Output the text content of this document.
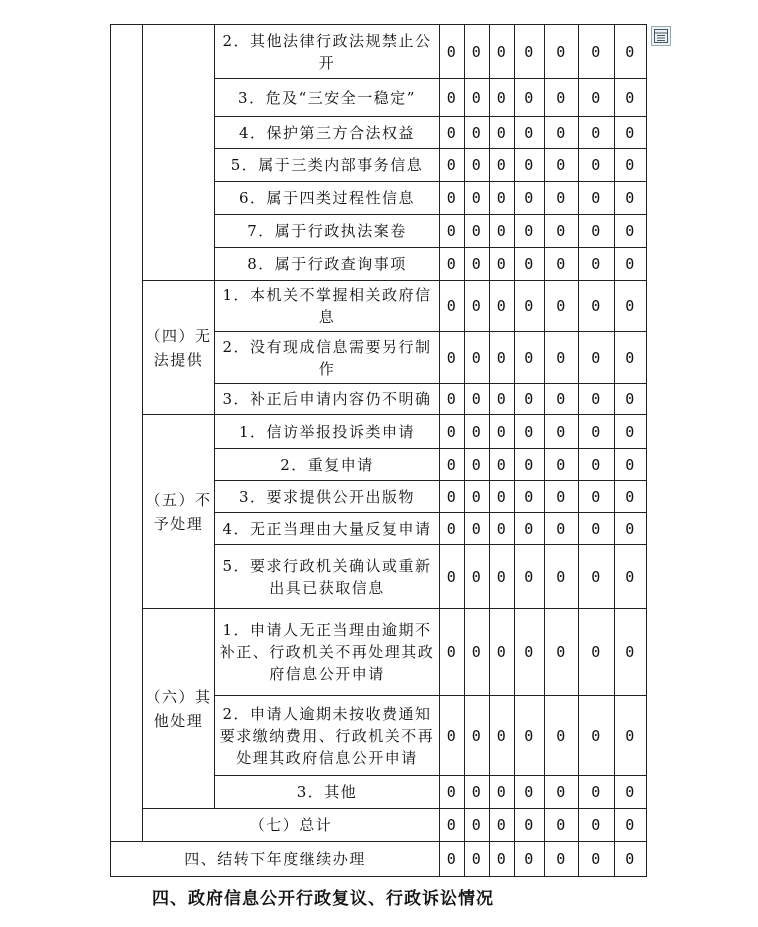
		2．其他法律行政法规禁止公开	0	0	0	0	0	0	0

		3．危及“三安全一稳定”	0	0	0	0	0	0	0

		4．保护第三方合法权益	0	0	0	0	0	0	0

		5．属于三类内部事务信息	0	0	0	0	0	0	0

		6．属于四类过程性信息	0	0	0	0	0	0	0

		7．属于行政执法案卷	0	0	0	0	0	0	0

		8．属于行政查询事项	0	0	0	0	0	0	0
	（四）无法提供	1．本机关不掌握相关政府信息	0	0	0	0	0	0	0

		2．没有现成信息需要另行制作	0	0	0	0	0	0	0

		3．补正后申请内容仍不明确	0	0	0	0	0	0	0
	（五）不予处理	1．信访举报投诉类申请	0	0	0	0	0	0	0

		2．重复申请	0	0	0	0	0	0	0

		3．要求提供公开出版物	0	0	0	0	0	0	0

		4．无正当理由大量反复申请	0	0	0	0	0	0	0

		5．要求行政机关确认或重新出具已获取信息	0	0	0	0	0	0	0
	（六）其他处理	1．申请人无正当理由逾期不补正、行政机关不再处理其政府信息公开申请	0	0	0	0	0	0	0

		2．申请人逾期未按收费通知要求缴纳费用、行政机关不再处理其政府信息公开申请	0	0	0	0	0	0	0

		3．其他	0	0	0	0	0	0	0

	（七）总计		0	0	0	0	0	0	0

四、结转下年度继续办理			0	0	0	0	0	0	0
四、政府信息公开行政复议、行政诉讼情况
